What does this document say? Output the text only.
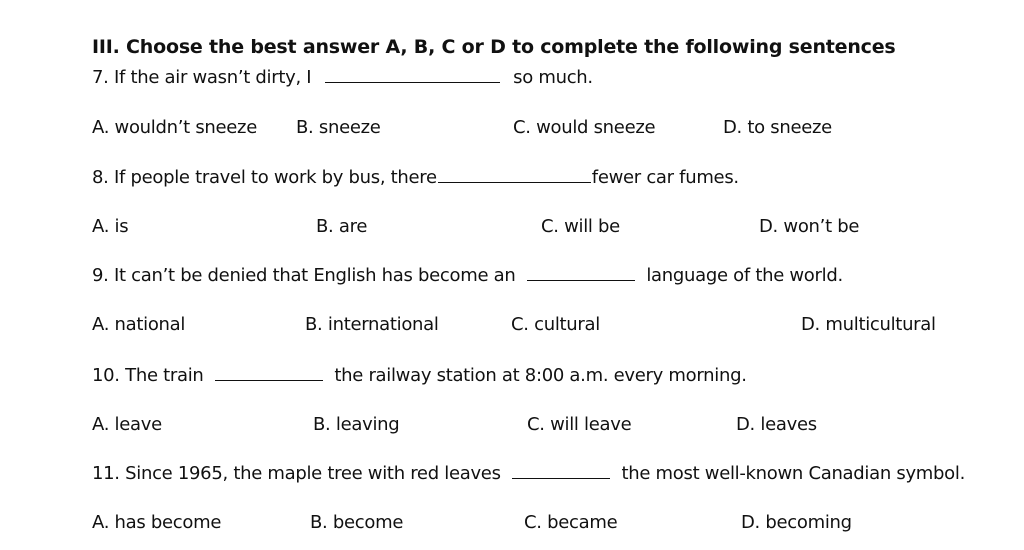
III. Choose the best answer A, B, C or D to complete the following sentences
7. If the air wasn’t dirty, I	so much.
A. wouldn’t sneeze B. sneeze	C. would sneeze	D. to sneeze
8. If people travel to work by bus, there	fewer car fumes.
A. is	B. are	C. will be	D. won’t be
9. It can’t be denied that English has become an	language of the world.
A. national	B. international	C. cultural	D. multicultural
10. The train	the railway station at 8:00 a.m. every morning.
A. leave	B. leaving	C. will leave	D. leaves
11. Since 1965, the maple tree with red leaves	the most well-known Canadian symbol.
A. has become	B. become	C. became	D. becoming
